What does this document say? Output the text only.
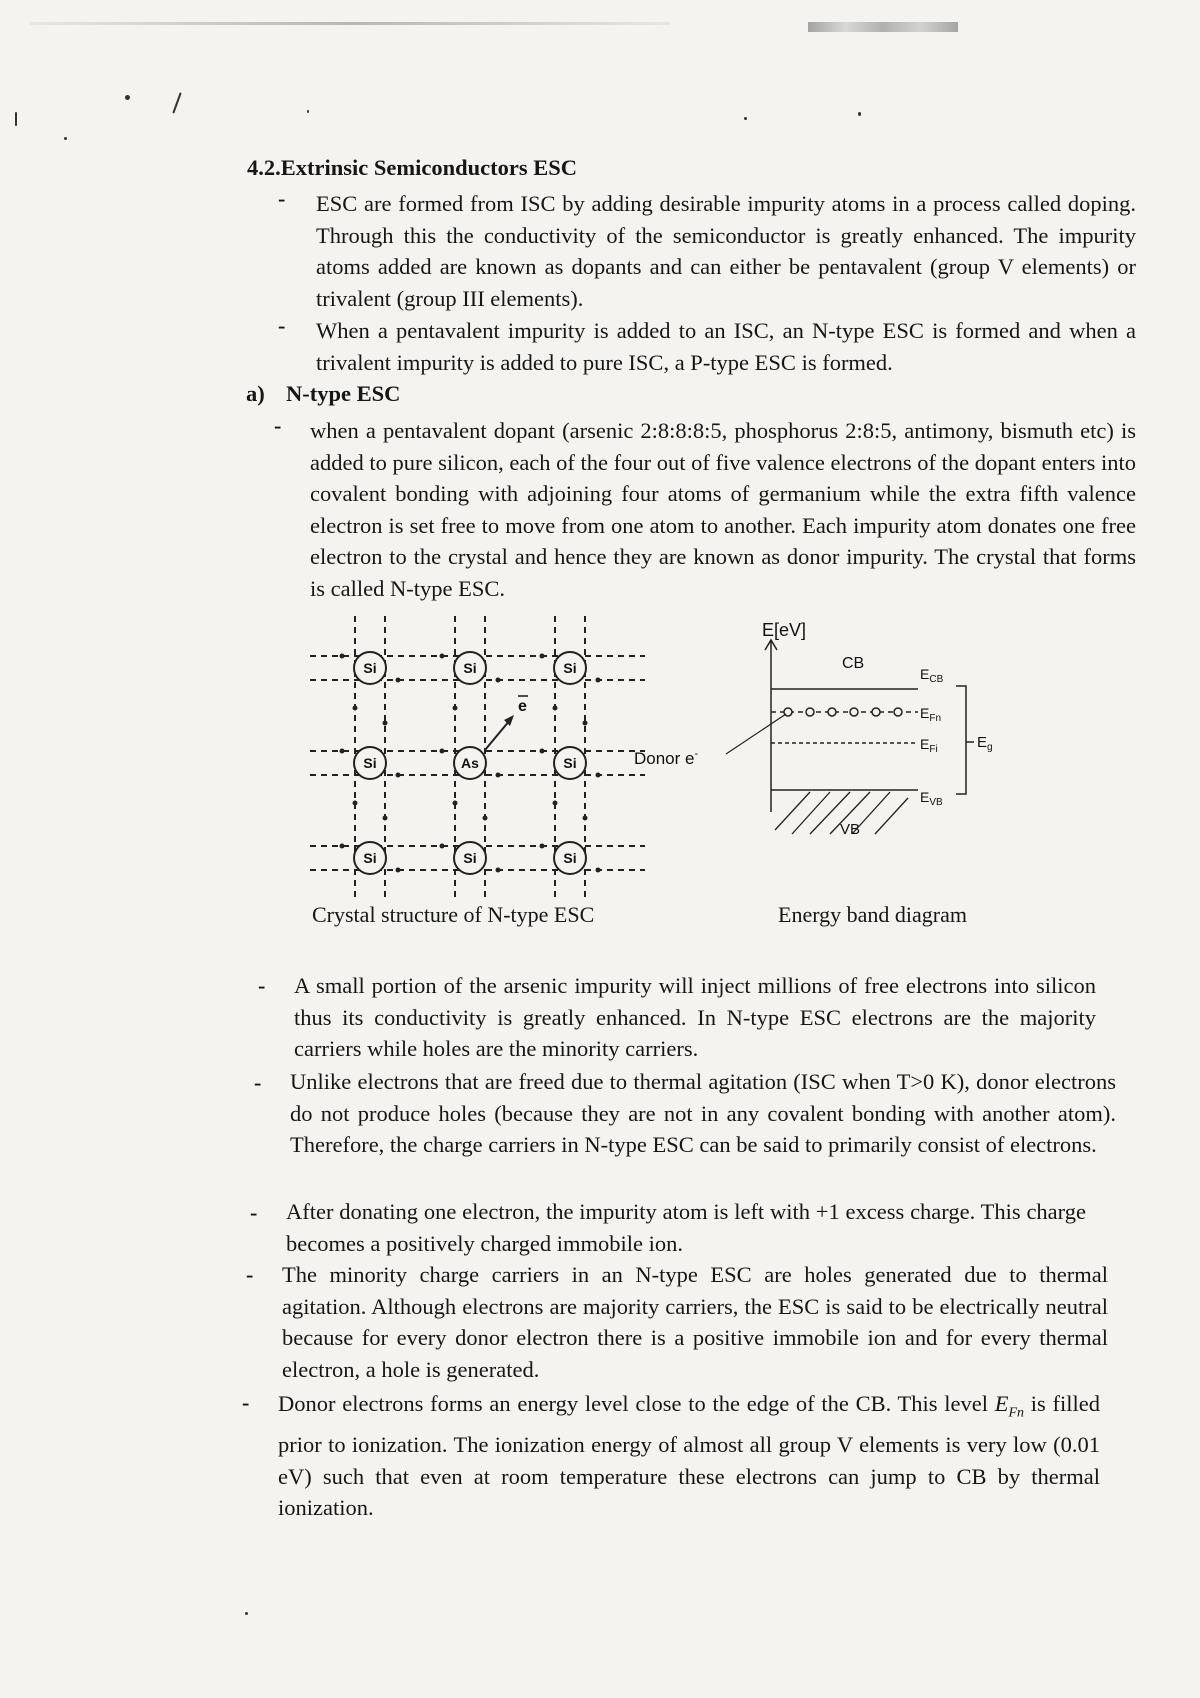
4.2.Extrinsic Semiconductors ESC
- ESC are formed from ISC by adding desirable impurity atoms in a process called doping. Through this the conductivity of the semiconductor is greatly enhanced. The impurity atoms added are known as dopants and can either be pentavalent (group V elements) or trivalent (group III elements).
- When a pentavalent impurity is added to an ISC, an N-type ESC is formed and when a trivalent impurity is added to pure ISC, a P-type ESC is formed.
a) N-type ESC
- when a pentavalent dopant (arsenic 2:8:8:8:5, phosphorus 2:8:5, antimony, bismuth etc) is added to pure silicon, each of the four out of five valence electrons of the dopant enters into covalent bonding with adjoining four atoms of germanium while the extra fifth valence electron is set free to move from one atom to another. Each impurity atom donates one free electron to the crystal and hence they are known as donor impurity. The crystal that forms is called N-type ESC.
Si	Si	Si
Si	As	Si
Si	Si	Si
e
Crystal structure of N-type ESC
E[eV]
CB
$E_{CB}$
$E_{Fn}$
$E_{Fi}$
Donor e-
$E_{VB}$
VB
$E_g$
Energy band diagram
- A small portion of the arsenic impurity will inject millions of free electrons into silicon thus its conductivity is greatly enhanced. In N-type ESC electrons are the majority carriers while holes are the minority carriers.
- Unlike electrons that are freed due to thermal agitation (ISC when T>0 K), donor electrons do not produce holes (because they are not in any covalent bonding with another atom). Therefore, the charge carriers in N-type ESC can be said to primarily consist of electrons.
- After donating one electron, the impurity atom is left with +1 excess charge. This charge becomes a positively charged immobile ion.
- The minority charge carriers in an N-type ESC are holes generated due to thermal agitation. Although electrons are majority carriers, the ESC is said to be electrically neutral because for every donor electron there is a positive immobile ion and for every thermal electron, a hole is generated.
- Donor electrons forms an energy level close to the edge of the CB. This level $E_{Fn}$ is filled prior to ionization. The ionization energy of almost all group V elements is very low (0.01 eV) such that even at room temperature these electrons can jump to CB by thermal ionization.
